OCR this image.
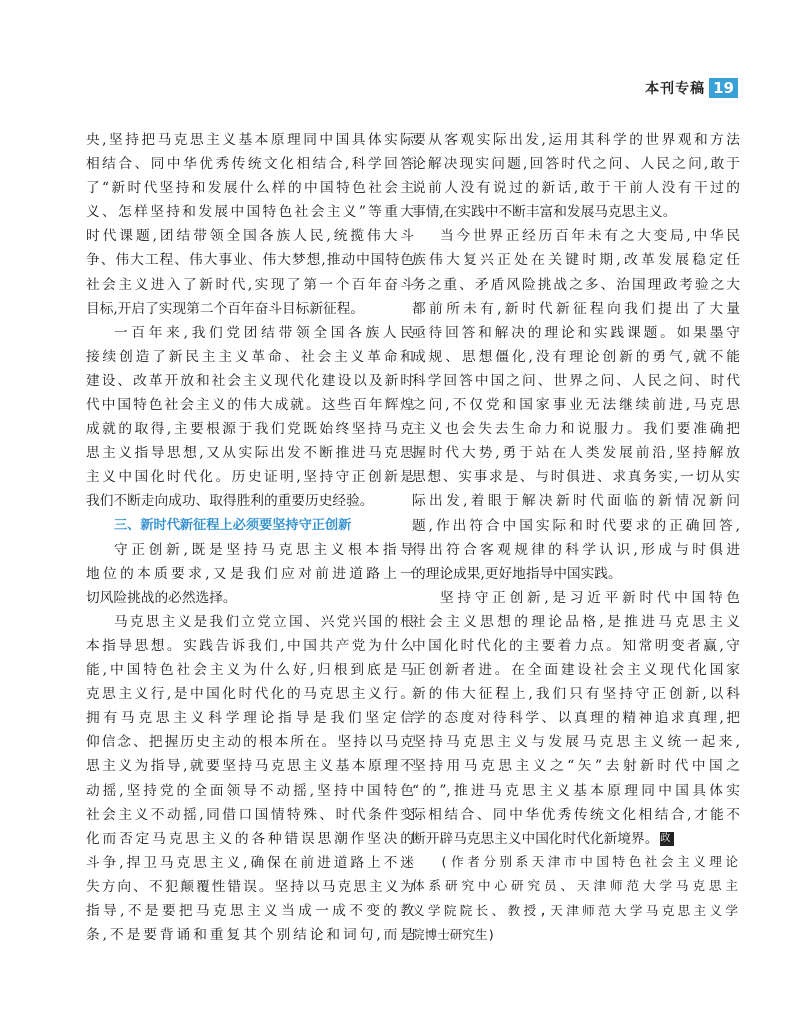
本刊专稿 19
央,坚持把马克思主义基本原理同中国具体实际
相结合、同中华优秀传统文化相结合,科学回答
了“新时代坚持和发展什么样的中国特色社会主
义、怎样坚持和发展中国特色社会主义”等重大
时代课题,团结带领全国各族人民,统揽伟大斗
争、伟大工程、伟大事业、伟大梦想,推动中国特色
社会主义进入了新时代,实现了第一个百年奋斗
目标,开启了实现第二个百年奋斗目标新征程。
一百年来,我们党团结带领全国各族人民
接续创造了新民主主义革命、社会主义革命和
建设、改革开放和社会主义现代化建设以及新时
代中国特色社会主义的伟大成就。这些百年辉煌
成就的取得,主要根源于我们党既始终坚持马克
思主义指导思想,又从实际出发不断推进马克思
主义中国化时代化。历史证明,坚持守正创新是
我们不断走向成功、取得胜利的重要历史经验。
三、新时代新征程上必须要坚持守正创新
守正创新,既是坚持马克思主义根本指导
地位的本质要求,又是我们应对前进道路上一
切风险挑战的必然选择。
马克思主义是我们立党立国、兴党兴国的根
本指导思想。实践告诉我们,中国共产党为什么
能,中国特色社会主义为什么好,归根到底是马
克思主义行,是中国化时代化的马克思主义行。
拥有马克思主义科学理论指导是我们坚定信
仰信念、把握历史主动的根本所在。坚持以马克
思主义为指导,就要坚持马克思主义基本原理不
动摇,坚持党的全面领导不动摇,坚持中国特色
社会主义不动摇,同借口国情特殊、时代条件变
化而否定马克思主义的各种错误思潮作坚决的
斗争,捍卫马克思主义,确保在前进道路上不迷
失方向、不犯颠覆性错误。坚持以马克思主义为
指导,不是要把马克思主义当成一成不变的教
条,不是要背诵和重复其个别结论和词句,而是
要从客观实际出发,运用其科学的世界观和方法
论解决现实问题,回答时代之问、人民之问,敢于
说前人没有说过的新话,敢于干前人没有干过的
事情,在实践中不断丰富和发展马克思主义。
当今世界正经历百年未有之大变局,中华民
族伟大复兴正处在关键时期,改革发展稳定任
务之重、矛盾风险挑战之多、治国理政考验之大
都前所未有,新时代新征程向我们提出了大量
亟待回答和解决的理论和实践课题。如果墨守
成规、思想僵化,没有理论创新的勇气,就不能
科学回答中国之问、世界之问、人民之问、时代
之问,不仅党和国家事业无法继续前进,马克思
主义也会失去生命力和说服力。我们要准确把
握时代大势,勇于站在人类发展前沿,坚持解放
思想、实事求是、与时俱进、求真务实,一切从实
际出发,着眼于解决新时代面临的新情况新问
题,作出符合中国实际和时代要求的正确回答,
得出符合客观规律的科学认识,形成与时俱进
的理论成果,更好地指导中国实践。
坚持守正创新,是习近平新时代中国特色
社会主义思想的理论品格,是推进马克思主义
中国化时代化的主要着力点。知常明变者赢,守
正创新者进。在全面建设社会主义现代化国家
新的伟大征程上,我们只有坚持守正创新,以科
学的态度对待科学、以真理的精神追求真理,把
坚持马克思主义与发展马克思主义统一起来,
坚持用马克思主义之“矢”去射新时代中国之
“的”,推进马克思主义基本原理同中国具体实
际相结合、同中华优秀传统文化相结合,才能不
断开辟马克思主义中国化时代化新境界。 政
(作者分别系天津市中国特色社会主义理论
体系研究中心研究员、天津师范大学马克思主
义学院院长、教授,天津师范大学马克思主义学
院博士研究生)
